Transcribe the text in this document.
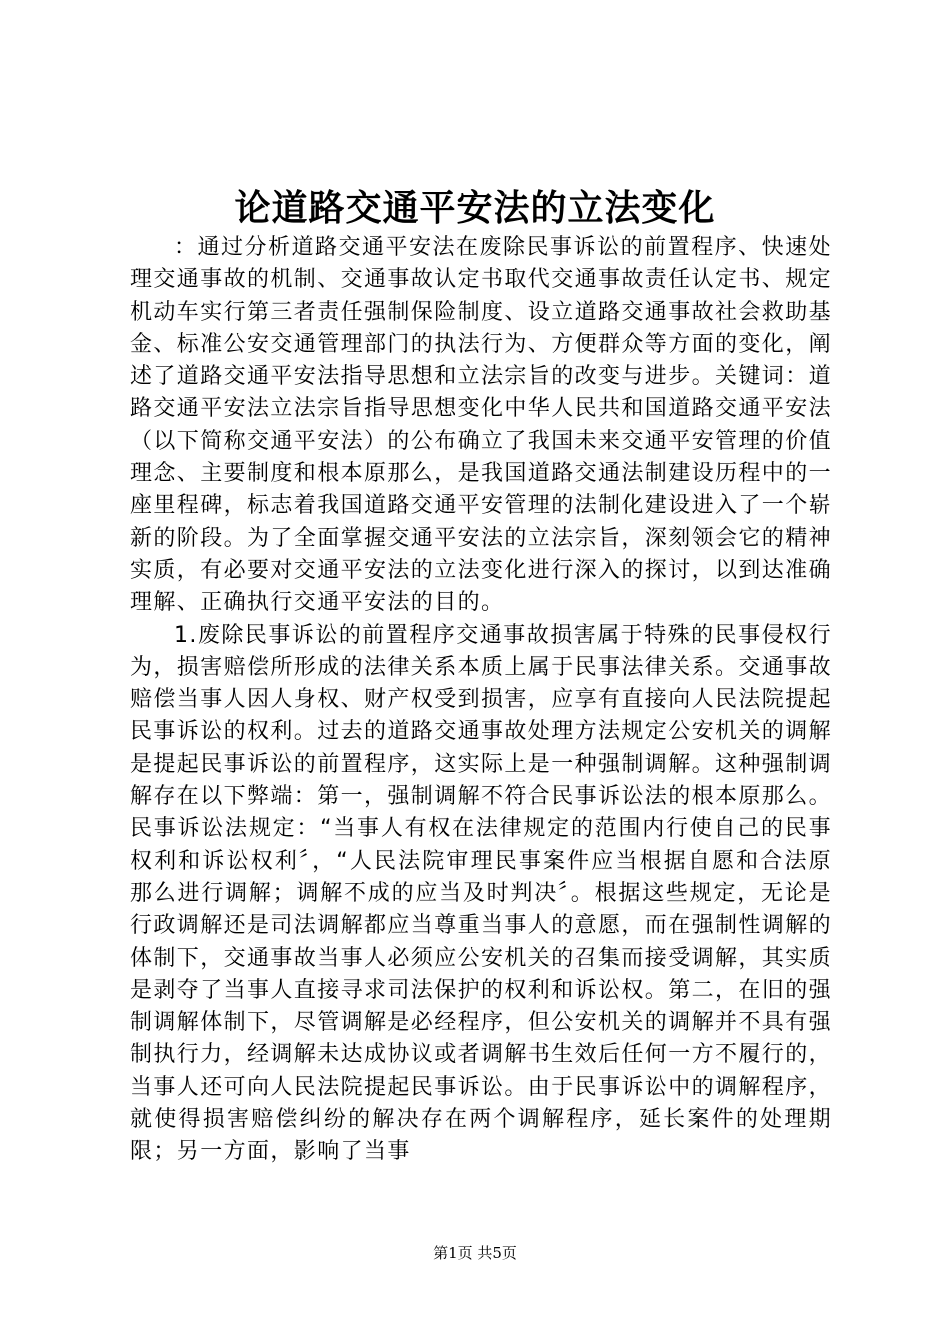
论道路交通平安法的立法变化

：通过分析道路交通平安法在废除民事诉讼的前置程序、快速处理交通事故的机制、交通事故认定书取代交通事故责任认定书、规定机动车实行第三者责任强制保险制度、设立道路交通事故社会救助基金、标准公安交通管理部门的执法行为、方便群众等方面的变化，阐述了道路交通平安法指导思想和立法宗旨的改变与进步。关键词：道路交通平安法立法宗旨指导思想变化中华人民共和国道路交通平安法（以下简称交通平安法）的公布确立了我国未来交通平安管理的价值理念、主要制度和根本原那么，是我国道路交通法制建设历程中的一座里程碑，标志着我国道路交通平安管理的法制化建设进入了一个崭新的阶段。为了全面掌握交通平安法的立法宗旨，深刻领会它的精神实质，有必要对交通平安法的立法变化进行深入的探讨，以到达准确理解、正确执行交通平安法的目的。

1.废除民事诉讼的前置程序交通事故损害属于特殊的民事侵权行为，损害赔偿所形成的法律关系本质上属于民事法律关系。交通事故赔偿当事人因人身权、财产权受到损害，应享有直接向人民法院提起民事诉讼的权利。过去的道路交通事故处理方法规定公安机关的调解是提起民事诉讼的前置程序，这实际上是一种强制调解。这种强制调解存在以下弊端：第一，强制调解不符合民事诉讼法的根本原那么。民事诉讼法规定：“当事人有权在法律规定的范围内行使自己的民事权利和诉讼权利〞，“人民法院审理民事案件应当根据自愿和合法原那么进行调解；调解不成的应当及时判决〞。根据这些规定，无论是行政调解还是司法调解都应当尊重当事人的意愿，而在强制性调解的体制下，交通事故当事人必须应公安机关的召集而接受调解，其实质是剥夺了当事人直接寻求司法保护的权利和诉讼权。第二，在旧的强制调解体制下，尽管调解是必经程序，但公安机关的调解并不具有强制执行力，经调解未达成协议或者调解书生效后任何一方不履行的，当事人还可向人民法院提起民事诉讼。由于民事诉讼中的调解程序，就使得损害赔偿纠纷的解决存在两个调解程序，延长案件的处理期限；另一方面，影响了当事

第1页 共5页
